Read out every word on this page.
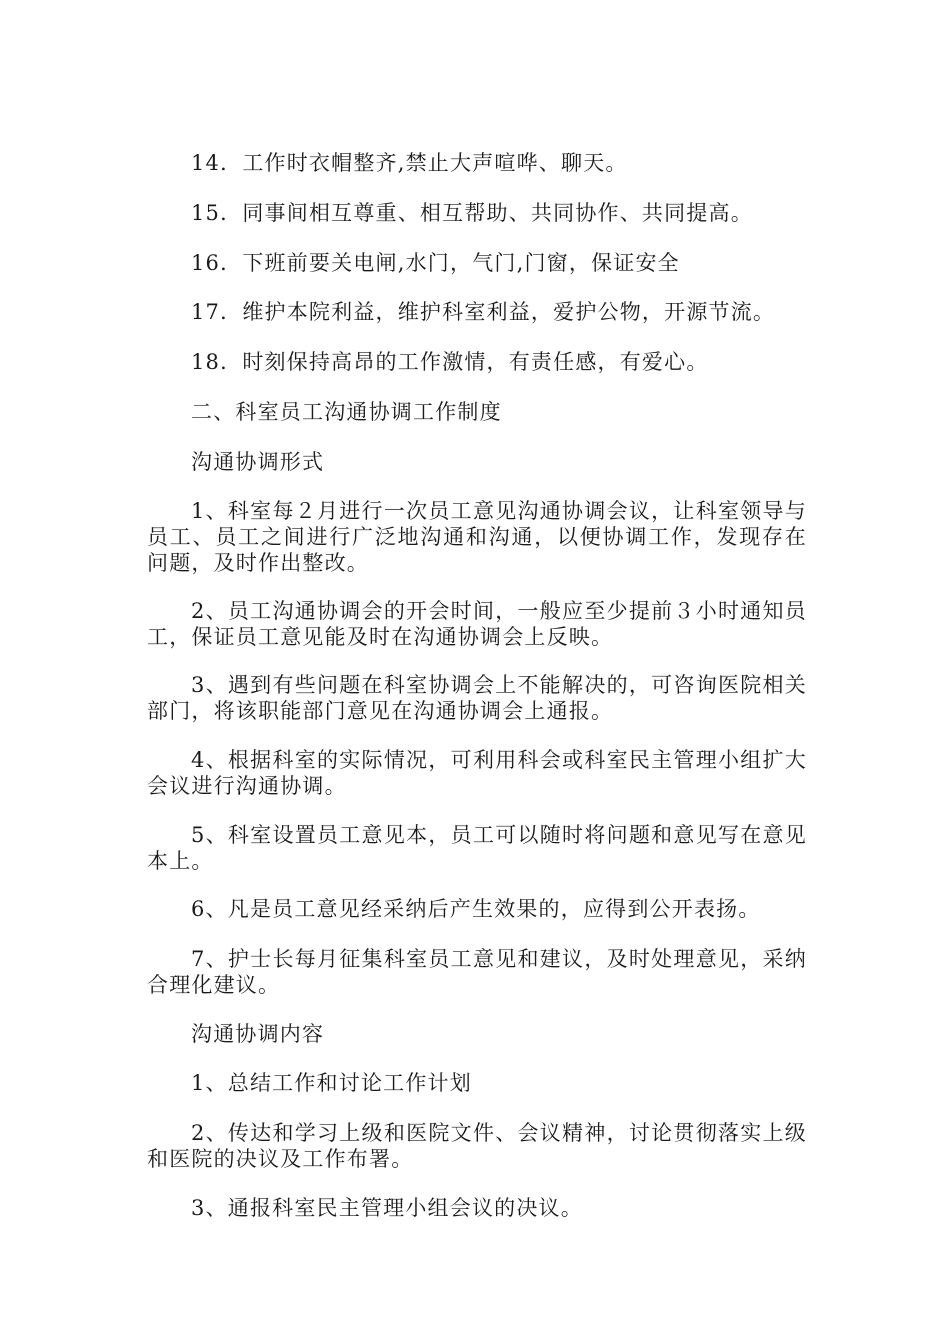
14．工作时衣帽整齐,禁止大声喧哗、聊天。

15．同事间相互尊重、相互帮助、共同协作、共同提高。

16．下班前要关电闸,水门，气门,门窗，保证安全

17．维护本院利益，维护科室利益，爱护公物，开源节流。

18．时刻保持高昂的工作激情，有责任感，有爱心。

二、科室员工沟通协调工作制度

沟通协调形式

1、科室每２月进行一次员工意见沟通协调会议，让科室领导与员工、员工之间进行广泛地沟通和沟通，以便协调工作，发现存在问题，及时作出整改。

2、员工沟通协调会的开会时间，一般应至少提前３小时通知员工，保证员工意见能及时在沟通协调会上反映。

3、遇到有些问题在科室协调会上不能解决的，可咨询医院相关部门，将该职能部门意见在沟通协调会上通报。

4、根据科室的实际情况，可利用科会或科室民主管理小组扩大会议进行沟通协调。

5、科室设置员工意见本，员工可以随时将问题和意见写在意见本上。

6、凡是员工意见经采纳后产生效果的，应得到公开表扬。

7、护士长每月征集科室员工意见和建议，及时处理意见，采纳合理化建议。

沟通协调内容

1、总结工作和讨论工作计划

2、传达和学习上级和医院文件、会议精神，讨论贯彻落实上级和医院的决议及工作布署。

3、通报科室民主管理小组会议的决议。
